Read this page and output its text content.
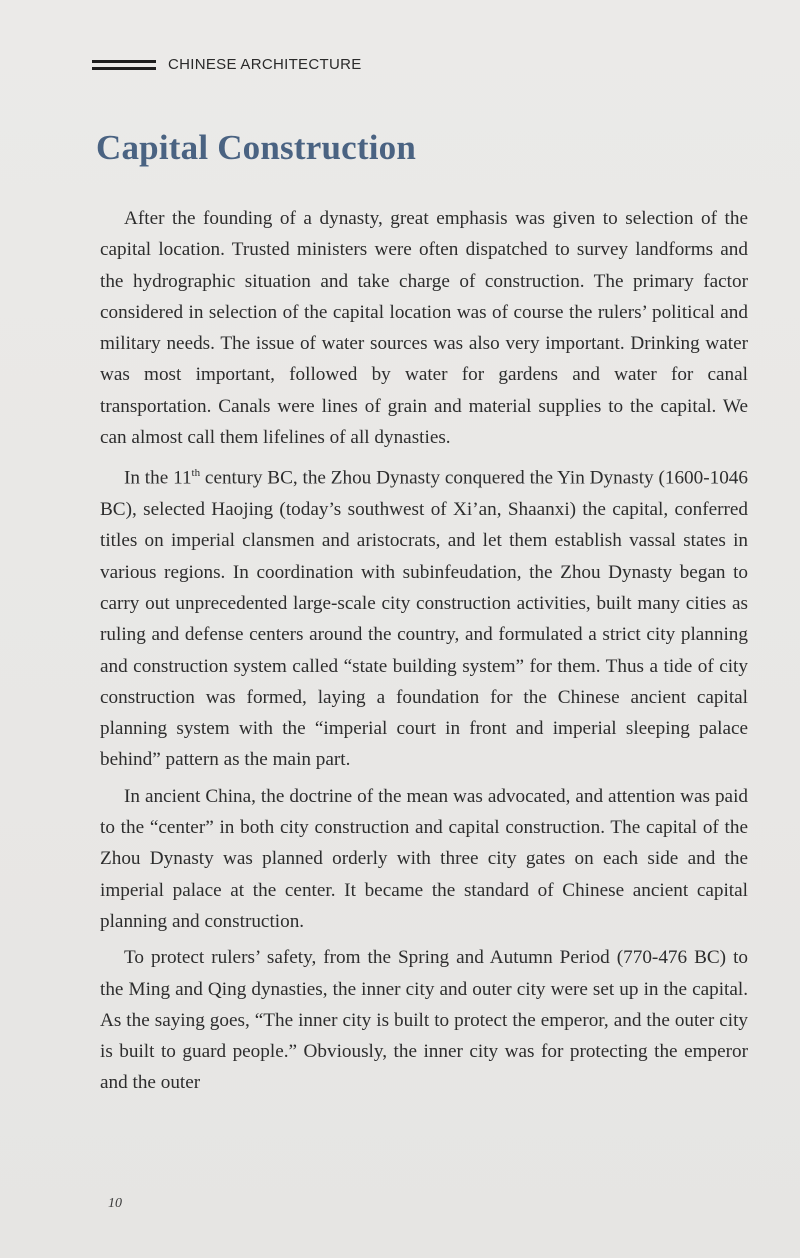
CHINESE ARCHITECTURE
Capital Construction

After the founding of a dynasty, great emphasis was given to selection of the capital location. Trusted ministers were often dispatched to survey landforms and the hydrographic situation and take charge of construction. The primary factor considered in selection of the capital location was of course the rulers’ political and military needs. The issue of water sources was also very important. Drinking water was most important, followed by water for gardens and water for canal transportation. Canals were lines of grain and material supplies to the capital. We can almost call them lifelines of all dynasties.

In the 11th century BC, the Zhou Dynasty conquered the Yin Dynasty (1600-1046 BC), selected Haojing (today’s southwest of Xi’an, Shaanxi) the capital, conferred titles on imperial clansmen and aristocrats, and let them establish vassal states in various regions. In coordination with subinfeudation, the Zhou Dynasty began to carry out unprecedented large-scale city construction activities, built many cities as ruling and defense centers around the country, and formulated a strict city planning and construction system called “state building system” for them. Thus a tide of city construction was formed, laying a foundation for the Chinese ancient capital planning system with the “imperial court in front and imperial sleeping palace behind” pattern as the main part.

In ancient China, the doctrine of the mean was advocated, and attention was paid to the “center” in both city construction and capital construction. The capital of the Zhou Dynasty was planned orderly with three city gates on each side and the imperial palace at the center. It became the standard of Chinese ancient capital planning and construction.

To protect rulers’ safety, from the Spring and Autumn Period (770-476 BC) to the Ming and Qing dynasties, the inner city and outer city were set up in the capital. As the saying goes, “The inner city is built to protect the emperor, and the outer city is built to guard people.” Obviously, the inner city was for protecting the emperor and the outer

10
